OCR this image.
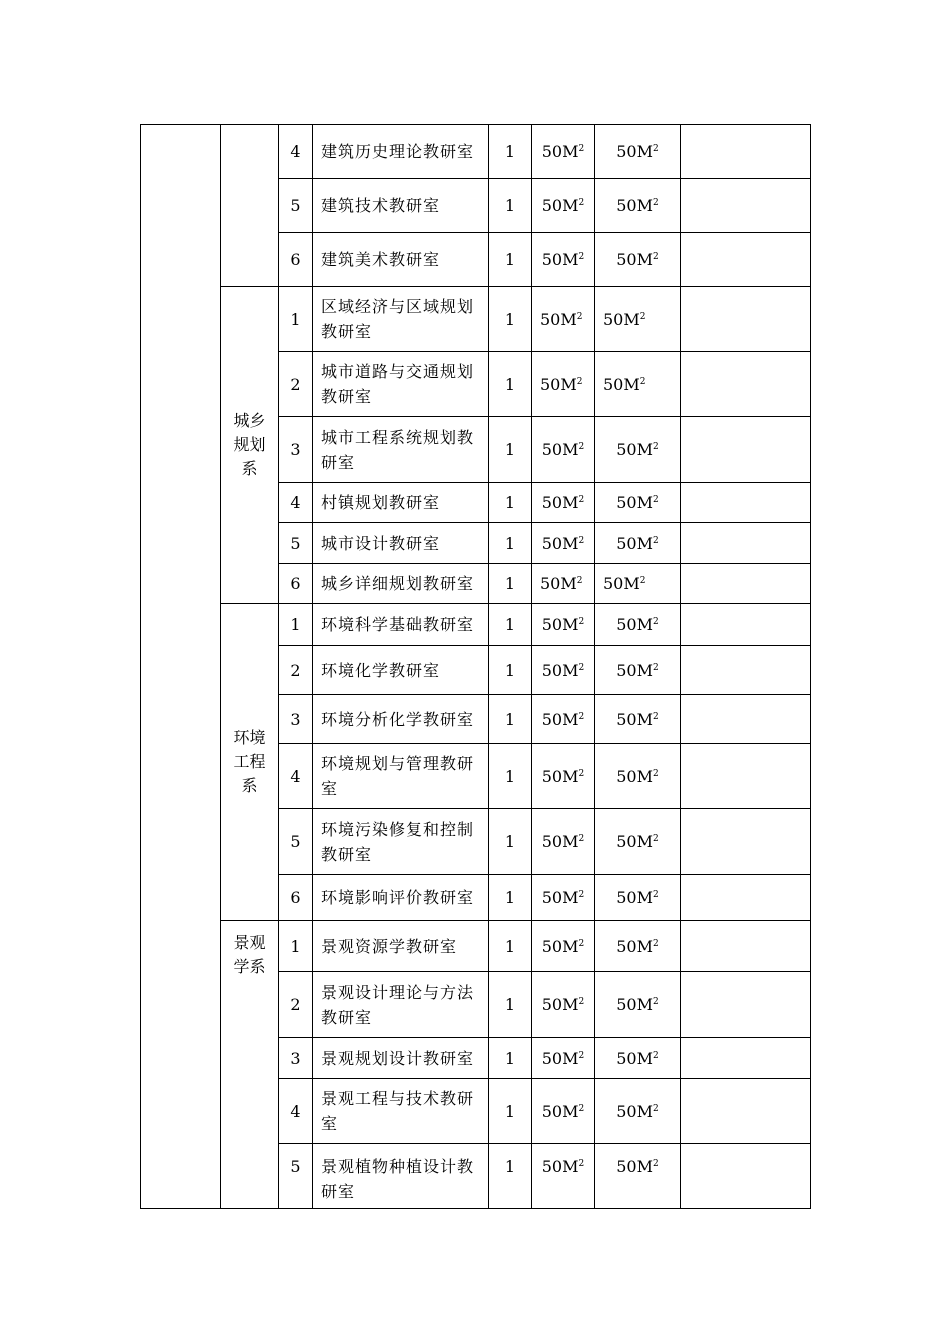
		4	建筑历史理论教研室	1	$50M^2$	$50M^2$	
		5	建筑技术教研室	1	$50M^2$	$50M^2$	
		6	建筑美术教研室	1	$50M^2$	$50M^2$	
	城乡规划系	1	区域经济与区域规划教研室	1	$50M^2$	$50M^2$	
		2	城市道路与交通规划教研室	1	$50M^2$	$50M^2$	
		3	城市工程系统规划教研室	1	$50M^2$	$50M^2$	
		4	村镇规划教研室	1	$50M^2$	$50M^2$	
		5	城市设计教研室	1	$50M^2$	$50M^2$	
		6	城乡详细规划教研室	1	$50M^2$	$50M^2$	
	环境工程系	1	环境科学基础教研室	1	$50M^2$	$50M^2$	
		2	环境化学教研室	1	$50M^2$	$50M^2$	
		3	环境分析化学教研室	1	$50M^2$	$50M^2$	
		4	环境规划与管理教研室	1	$50M^2$	$50M^2$	
		5	环境污染修复和控制教研室	1	$50M^2$	$50M^2$	
		6	环境影响评价教研室	1	$50M^2$	$50M^2$	
	景观学系	1	景观资源学教研室	1	$50M^2$	$50M^2$	
		2	景观设计理论与方法教研室	1	$50M^2$	$50M^2$	
		3	景观规划设计教研室	1	$50M^2$	$50M^2$	
		4	景观工程与技术教研室	1	$50M^2$	$50M^2$	
		5	景观植物种植设计教研室	1	$50M^2$	$50M^2$	
